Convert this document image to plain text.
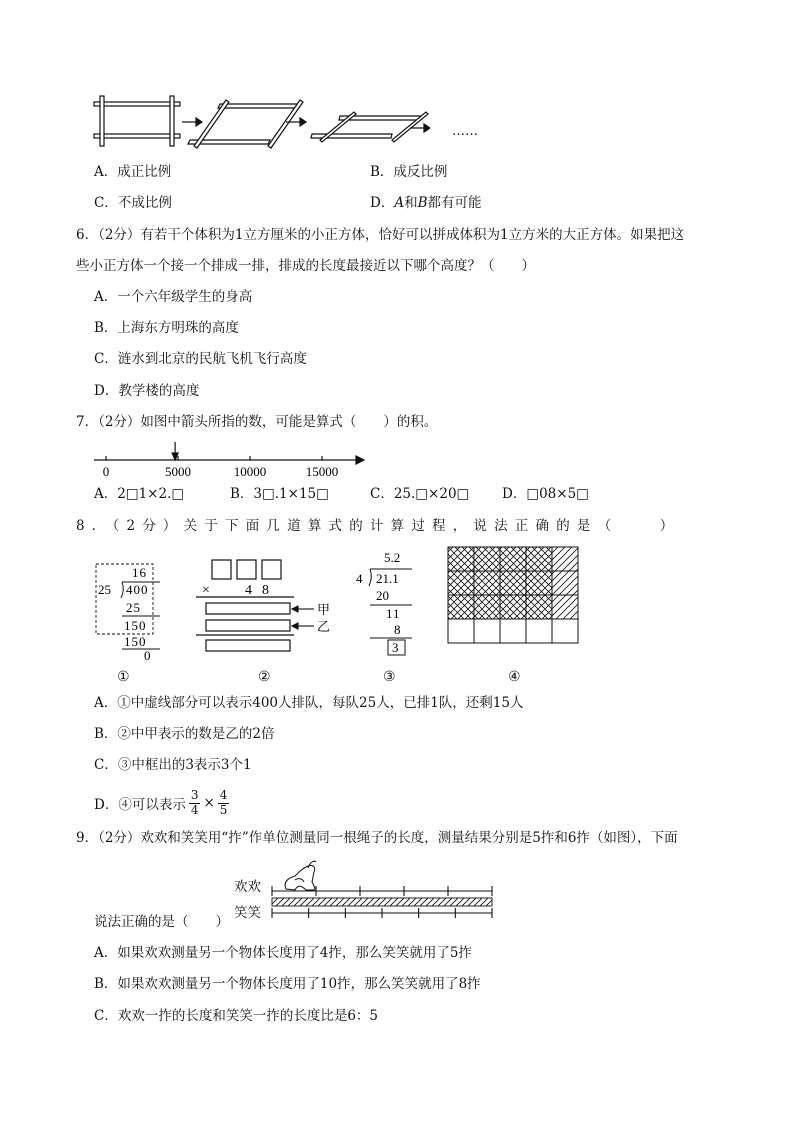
……
A．成正比例	B．成反比例
C．不成比例	D．A和B都有可能
6．（2分）有若干个体积为1立方厘米的小正方体，恰好可以拼成体积为1立方米的大正方体。如果把这
些小正方体一个接一个排成一排，排成的长度最接近以下哪个高度？（　　）
A．一个六年级学生的身高
B．上海东方明珠的高度
C．涟水到北京的民航飞机飞行高度
D．教学楼的高度
7．（2分）如图中箭头所指的数，可能是算式（　　）的积。
0	5000	10000	15000
A．2□1×2.□	B．3□.1×15□	C．25.□×20□ D．□08×5□
8．（2分）关于下面几道算式的计算过程，说法正确的是（　　）
16
25 400
25
150
150
0
①
×	48
甲
乙
②
5.2
4 21.1
20
11
8
3
③	④
A．①中虚线部分可以表示400人排队，每队25人，已排1队，还剩15人
B．②中甲表示的数是乙的2倍
C．③中框出的3表示3个1
D．④可以表示 $\frac{3}{4} \times \frac{4}{5}$
9．（2分）欢欢和笑笑用“拃”作单位测量同一根绳子的长度，测量结果分别是5拃和6拃（如图），下面
欢欢
笑笑
说法正确的是（　　）
A．如果欢欢测量另一个物体长度用了4拃，那么笑笑就用了5拃
B．如果欢欢测量另一个物体长度用了10拃，那么笑笑就用了8拃
C．欢欢一拃的长度和笑笑一拃的长度比是6：5
